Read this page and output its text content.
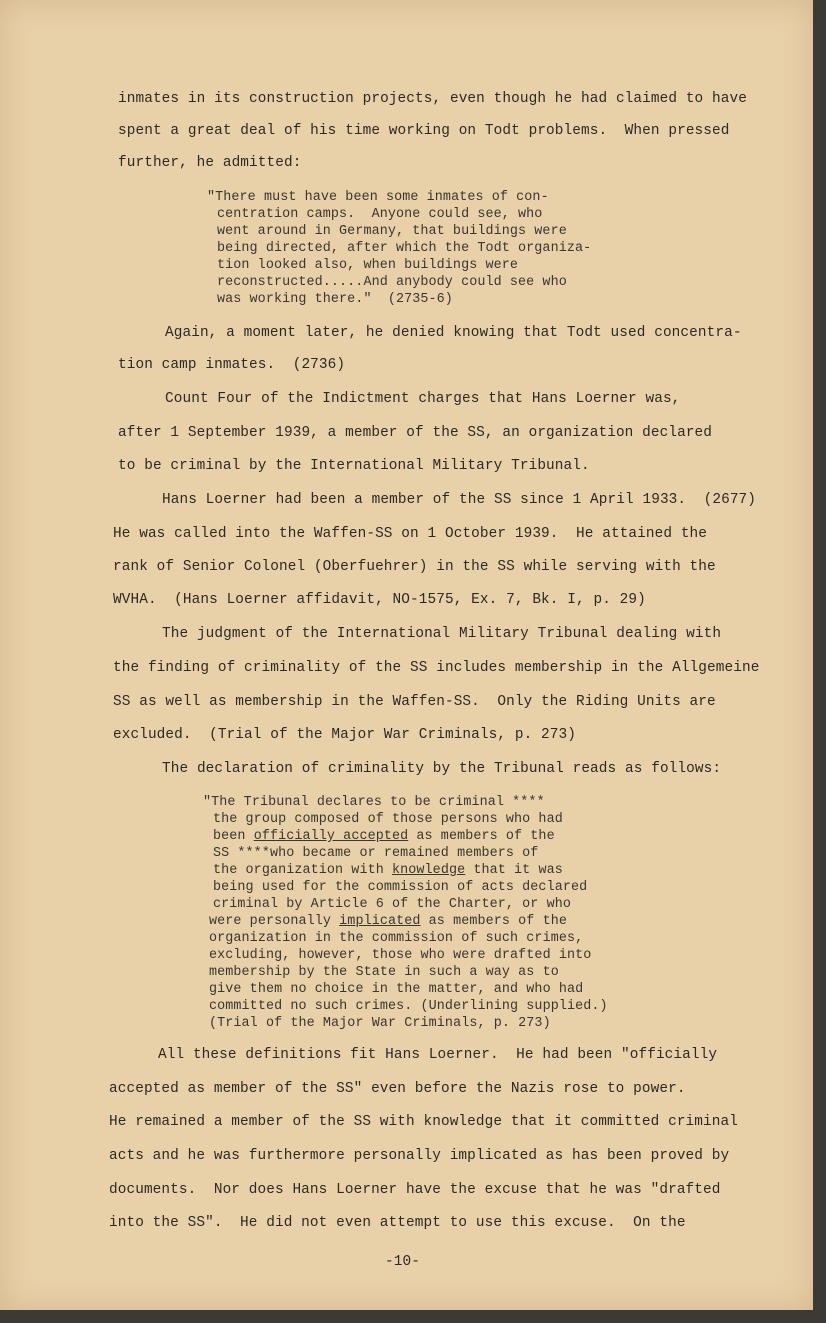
inmates in its construction projects, even though he had claimed to have
spent a great deal of his time working on Todt problems.  When pressed
further, he admitted:
"There must have been some inmates of con-
centration camps.  Anyone could see, who
went around in Germany, that buildings were
being directed, after which the Todt organiza-
tion looked also, when buildings were
reconstructed.....And anybody could see who
was working there."  (2735-6)
Again, a moment later, he denied knowing that Todt used concentra-
tion camp inmates.  (2736)
Count Four of the Indictment charges that Hans Loerner was,
after 1 September 1939, a member of the SS, an organization declared
to be criminal by the International Military Tribunal.
Hans Loerner had been a member of the SS since 1 April 1933.  (2677)
He was called into the Waffen-SS on 1 October 1939.  He attained the
rank of Senior Colonel (Oberfuehrer) in the SS while serving with the
WVHA.  (Hans Loerner affidavit, NO-1575, Ex. 7, Bk. I, p. 29)
The judgment of the International Military Tribunal dealing with
the finding of criminality of the SS includes membership in the Allgemeine
SS as well as membership in the Waffen-SS.  Only the Riding Units are
excluded.  (Trial of the Major War Criminals, p. 273)
The declaration of criminality by the Tribunal reads as follows:
"The Tribunal declares to be criminal ****
the group composed of those persons who had
been officially accepted as members of the
SS ****who became or remained members of
the organization with knowledge that it was
being used for the commission of acts declared
criminal by Article 6 of the Charter, or who
were personally implicated as members of the
organization in the commission of such crimes,
excluding, however, those who were drafted into
membership by the State in such a way as to
give them no choice in the matter, and who had
committed no such crimes. (Underlining supplied.)
(Trial of the Major War Criminals, p. 273)
All these definitions fit Hans Loerner.  He had been "officially
accepted as member of the SS" even before the Nazis rose to power.
He remained a member of the SS with knowledge that it committed criminal
acts and he was furthermore personally implicated as has been proved by
documents.  Nor does Hans Loerner have the excuse that he was "drafted
into the SS".  He did not even attempt to use this excuse.  On the
-10-
